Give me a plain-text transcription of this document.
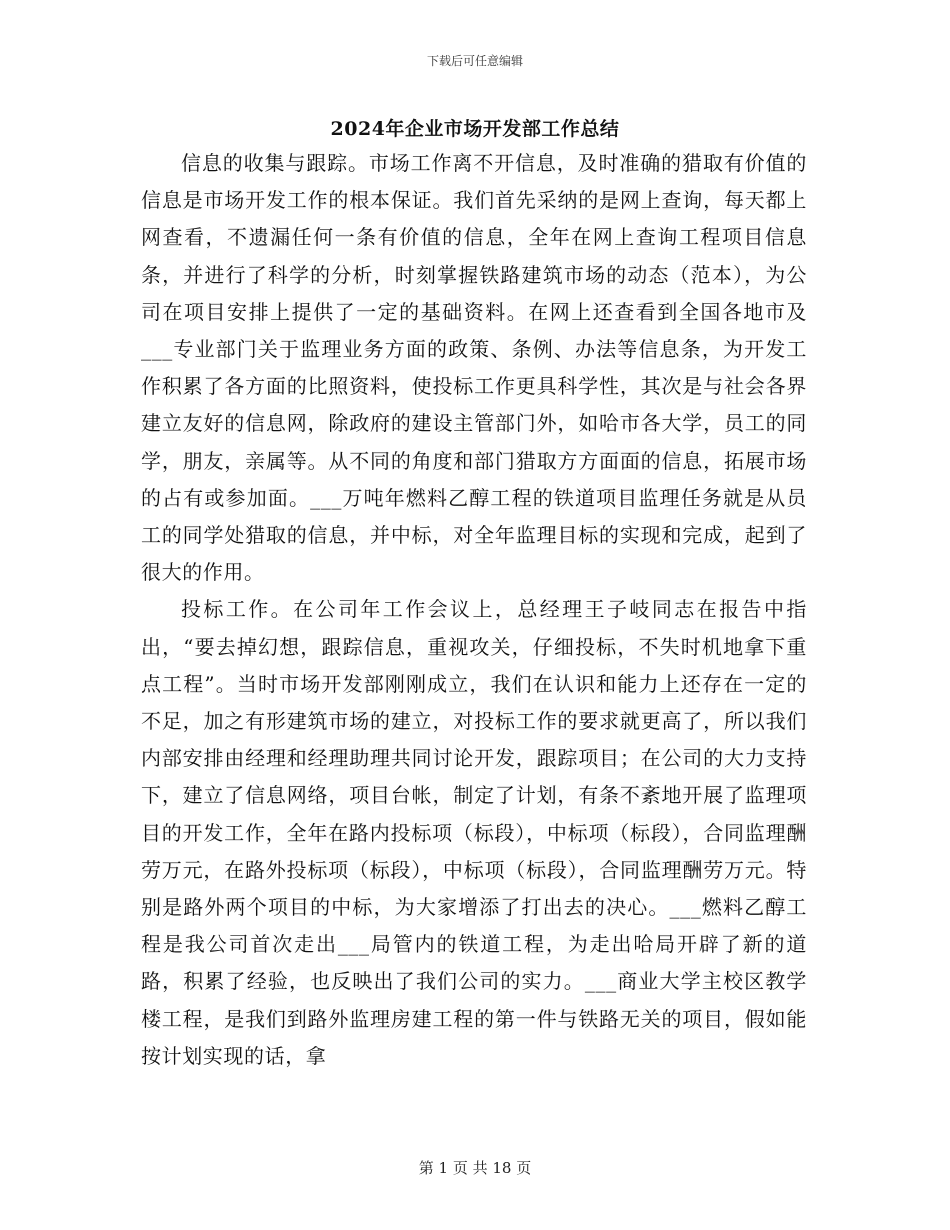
下载后可任意编辑
2024年企业市场开发部工作总结

信息的收集与跟踪。市场工作离不开信息，及时准确的猎取有价值的信息是市场开发工作的根本保证。我们首先采纳的是网上查询，每天都上网查看，不遗漏任何一条有价值的信息，全年在网上查询工程项目信息条，并进行了科学的分析，时刻掌握铁路建筑市场的动态（范本），为公司在项目安排上提供了一定的基础资料。在网上还查看到全国各地市及___专业部门关于监理业务方面的政策、条例、办法等信息条，为开发工作积累了各方面的比照资料，使投标工作更具科学性，其次是与社会各界建立友好的信息网，除政府的建设主管部门外，如哈市各大学，员工的同学，朋友，亲属等。从不同的角度和部门猎取方方面面的信息，拓展市场的占有或参加面。___万吨年燃料乙醇工程的铁道项目监理任务就是从员工的同学处猎取的信息，并中标，对全年监理目标的实现和完成，起到了很大的作用。

投标工作。在公司年工作会议上，总经理王子岐同志在报告中指出，“要去掉幻想，跟踪信息，重视攻关，仔细投标，不失时机地拿下重点工程”。当时市场开发部刚刚成立，我们在认识和能力上还存在一定的不足，加之有形建筑市场的建立，对投标工作的要求就更高了，所以我们内部安排由经理和经理助理共同讨论开发，跟踪项目；在公司的大力支持下，建立了信息网络，项目台帐，制定了计划，有条不紊地开展了监理项目的开发工作，全年在路内投标项（标段），中标项（标段），合同监理酬劳万元，在路外投标项（标段），中标项（标段），合同监理酬劳万元。特别是路外两个项目的中标，为大家增添了打出去的决心。___燃料乙醇工程是我公司首次走出___局管内的铁道工程，为走出哈局开辟了新的道路，积累了经验，也反映出了我们公司的实力。___商业大学主校区教学楼工程，是我们到路外监理房建工程的第一件与铁路无关的项目，假如能按计划实现的话，拿

第 1 页 共 18 页
